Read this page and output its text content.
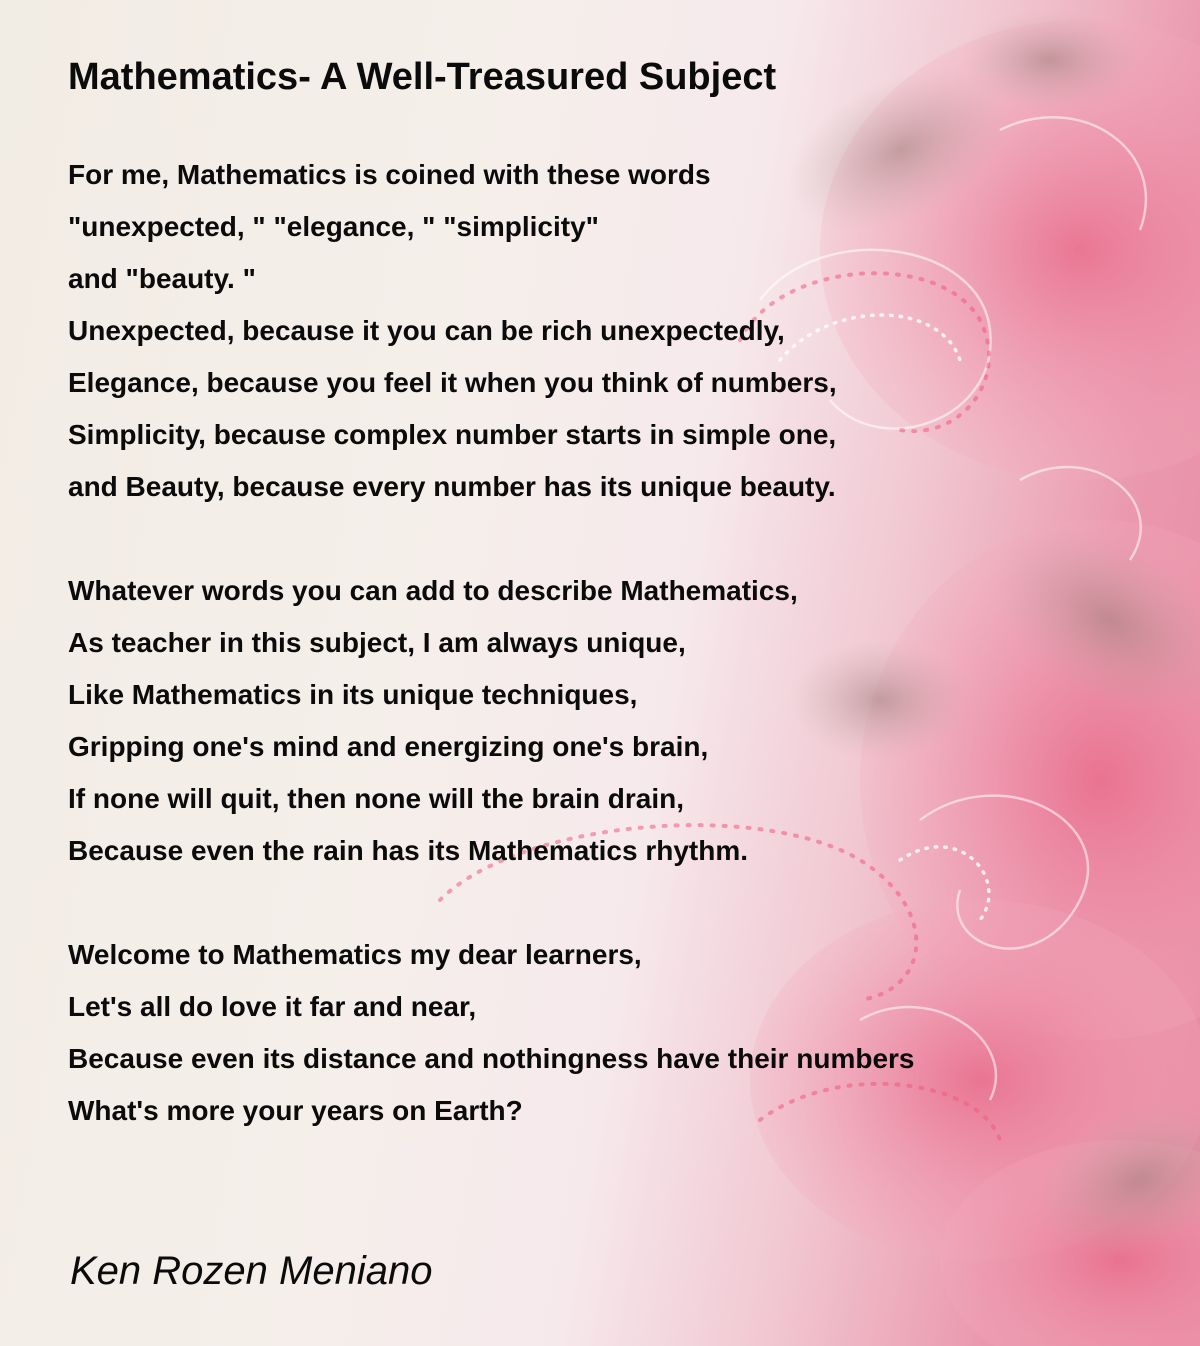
Mathematics- A Well-Treasured Subject
For me, Mathematics is coined with these words
"unexpected, " "elegance, " "simplicity"
and "beauty. "
Unexpected, because it you can be rich unexpectedly,
Elegance, because you feel it when you think of numbers,
Simplicity, because complex number starts in simple one,
and Beauty, because every number has its unique beauty.
Whatever words you can add to describe Mathematics,
As teacher in this subject, I am always unique,
Like Mathematics in its unique techniques,
Gripping one's mind and energizing one's brain,
If none will quit, then none will the brain drain,
Because even the rain has its Mathematics rhythm.
Welcome to Mathematics my dear learners,
Let's all do love it far and near,
Because even its distance and nothingness have their numbers
What's more your years on Earth?

Ken Rozen Meniano
